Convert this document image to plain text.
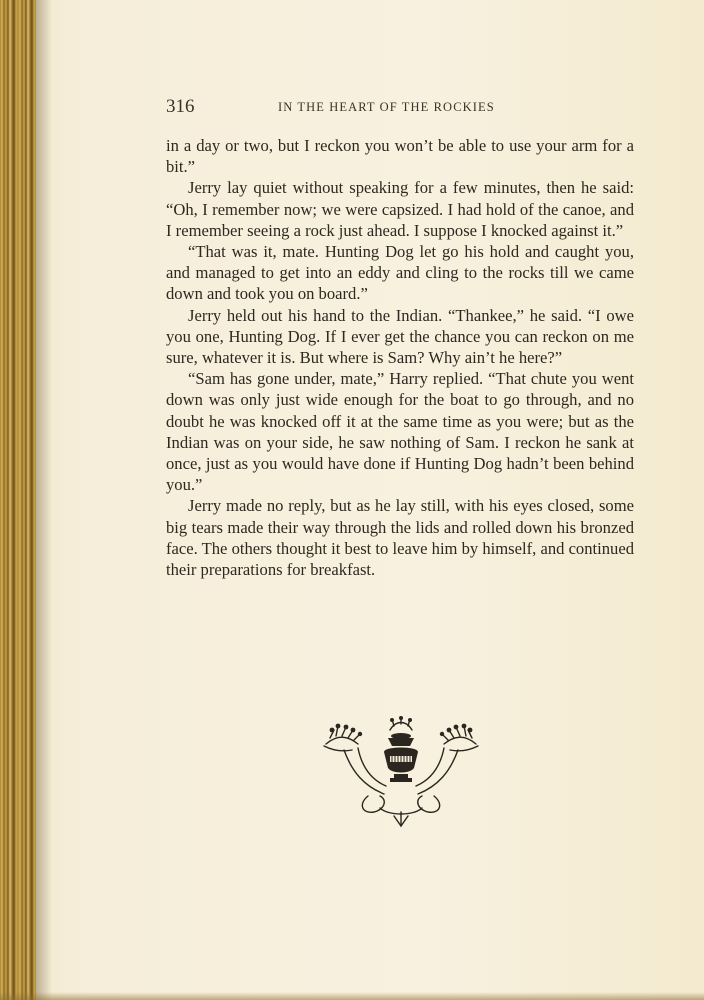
316	IN THE HEART OF THE ROCKIES

in a day or two, but I reckon you won’t be able to use your arm for a bit.”

Jerry lay quiet without speaking for a few minutes, then he said: “Oh, I remember now; we were capsized. I had hold of the canoe, and I remember seeing a rock just ahead. I suppose I knocked against it.”

“That was it, mate. Hunting Dog let go his hold and caught you, and managed to get into an eddy and cling to the rocks till we came down and took you on board.”

Jerry held out his hand to the Indian. “Thankee,” he said. “I owe you one, Hunting Dog. If I ever get the chance you can reckon on me sure, whatever it is. But where is Sam? Why ain’t he here?”

“Sam has gone under, mate,” Harry replied. “That chute you went down was only just wide enough for the boat to go through, and no doubt he was knocked off it at the same time as you were; but as the Indian was on your side, he saw nothing of Sam. I reckon he sank at once, just as you would have done if Hunting Dog hadn’t been behind you.”

Jerry made no reply, but as he lay still, with his eyes closed, some big tears made their way through the lids and rolled down his bronzed face. The others thought it best to leave him by himself, and continued their preparations for breakfast.
